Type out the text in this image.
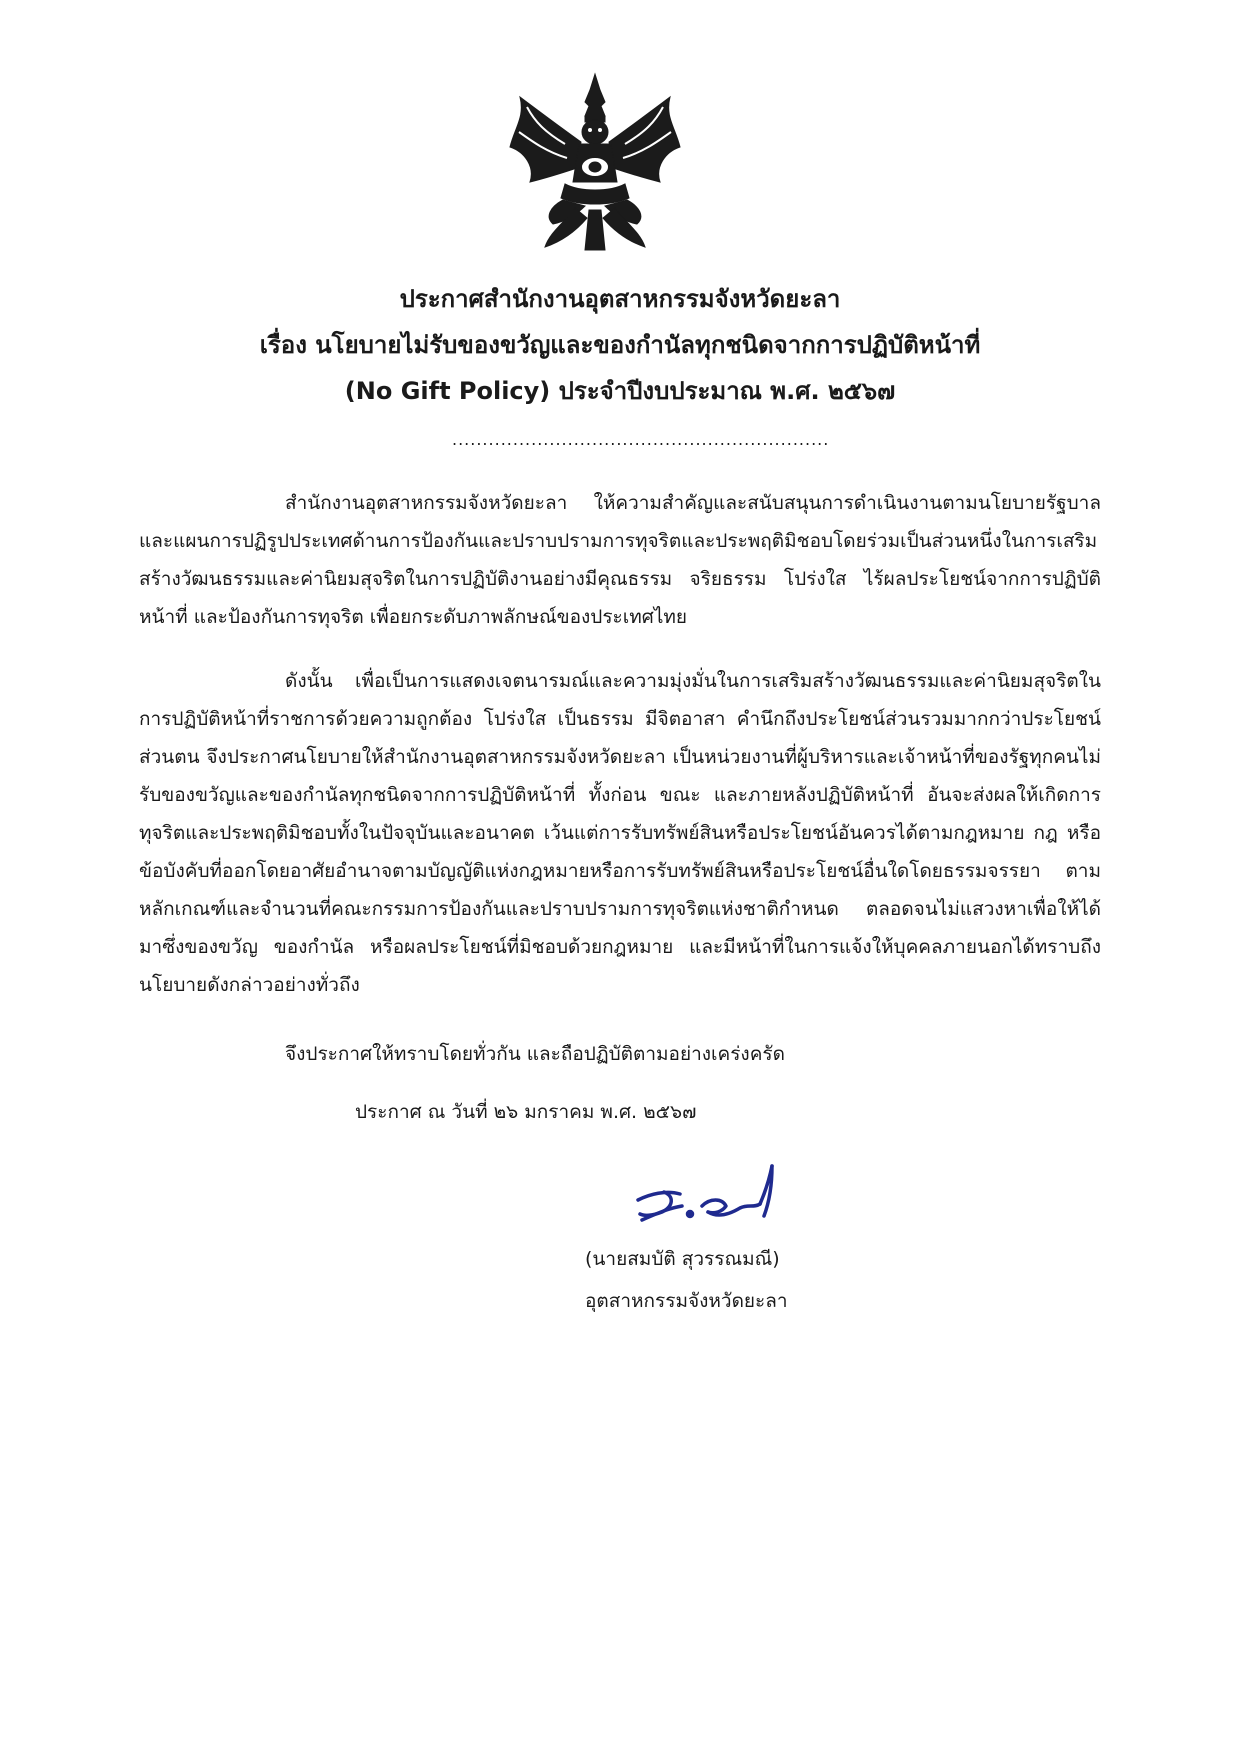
ประกาศสำนักงานอุตสาหกรรมจังหวัดยะลา
เรื่อง นโยบายไม่รับของขวัญและของกำนัลทุกชนิดจากการปฏิบัติหน้าที่
(No Gift Policy) ประจำปีงบประมาณ พ.ศ. ๒๕๖๗
..............................................................

สำนักงานอุตสาหกรรมจังหวัดยะลา ให้ความสำคัญและสนับสนุนการดำเนินงานตามนโยบายรัฐบาล และแผนการปฏิรูปประเทศด้านการป้องกันและปราบปรามการทุจริตและประพฤติมิชอบโดยร่วมเป็นส่วนหนึ่งในการเสริมสร้างวัฒนธรรมและค่านิยมสุจริตในการปฏิบัติงานอย่างมีคุณธรรม จริยธรรม โปร่งใส ไร้ผลประโยชน์จากการปฏิบัติหน้าที่ และป้องกันการทุจริต เพื่อยกระดับภาพลักษณ์ของประเทศไทย

ดังนั้น เพื่อเป็นการแสดงเจตนารมณ์และความมุ่งมั่นในการเสริมสร้างวัฒนธรรมและค่านิยมสุจริตในการปฏิบัติหน้าที่ราชการด้วยความถูกต้อง โปร่งใส เป็นธรรม มีจิตอาสา คำนึกถึงประโยชน์ส่วนรวมมากกว่าประโยชน์ส่วนตน จึงประกาศนโยบายให้สำนักงานอุตสาหกรรมจังหวัดยะลา เป็นหน่วยงานที่ผู้บริหารและเจ้าหน้าที่ของรัฐทุกคนไม่รับของขวัญและของกำนัลทุกชนิดจากการปฏิบัติหน้าที่ ทั้งก่อน ขณะ และภายหลังปฏิบัติหน้าที่ อันจะส่งผลให้เกิดการทุจริตและประพฤติมิชอบทั้งในปัจจุบันและอนาคต เว้นแต่การรับทรัพย์สินหรือประโยชน์อันควรได้ตามกฎหมาย กฎ หรือข้อบังคับที่ออกโดยอาศัยอำนาจตามบัญญัติแห่งกฎหมายหรือการรับทรัพย์สินหรือประโยชน์อื่นใดโดยธรรมจรรยา ตามหลักเกณฑ์และจำนวนที่คณะกรรมการป้องกันและปราบปรามการทุจริตแห่งชาติกำหนด ตลอดจนไม่แสวงหาเพื่อให้ได้มาซึ่งของขวัญ ของกำนัล หรือผลประโยชน์ที่มิชอบด้วยกฎหมาย และมีหน้าที่ในการแจ้งให้บุคคลภายนอกได้ทราบถึงนโยบายดังกล่าวอย่างทั่วถึง

จึงประกาศให้ทราบโดยทั่วกัน และถือปฏิบัติตามอย่างเคร่งครัด
ประกาศ ณ วันที่ ๒๖ มกราคม พ.ศ. ๒๕๖๗
(นายสมบัติ สุวรรณมณี)
อุตสาหกรรมจังหวัดยะลา
